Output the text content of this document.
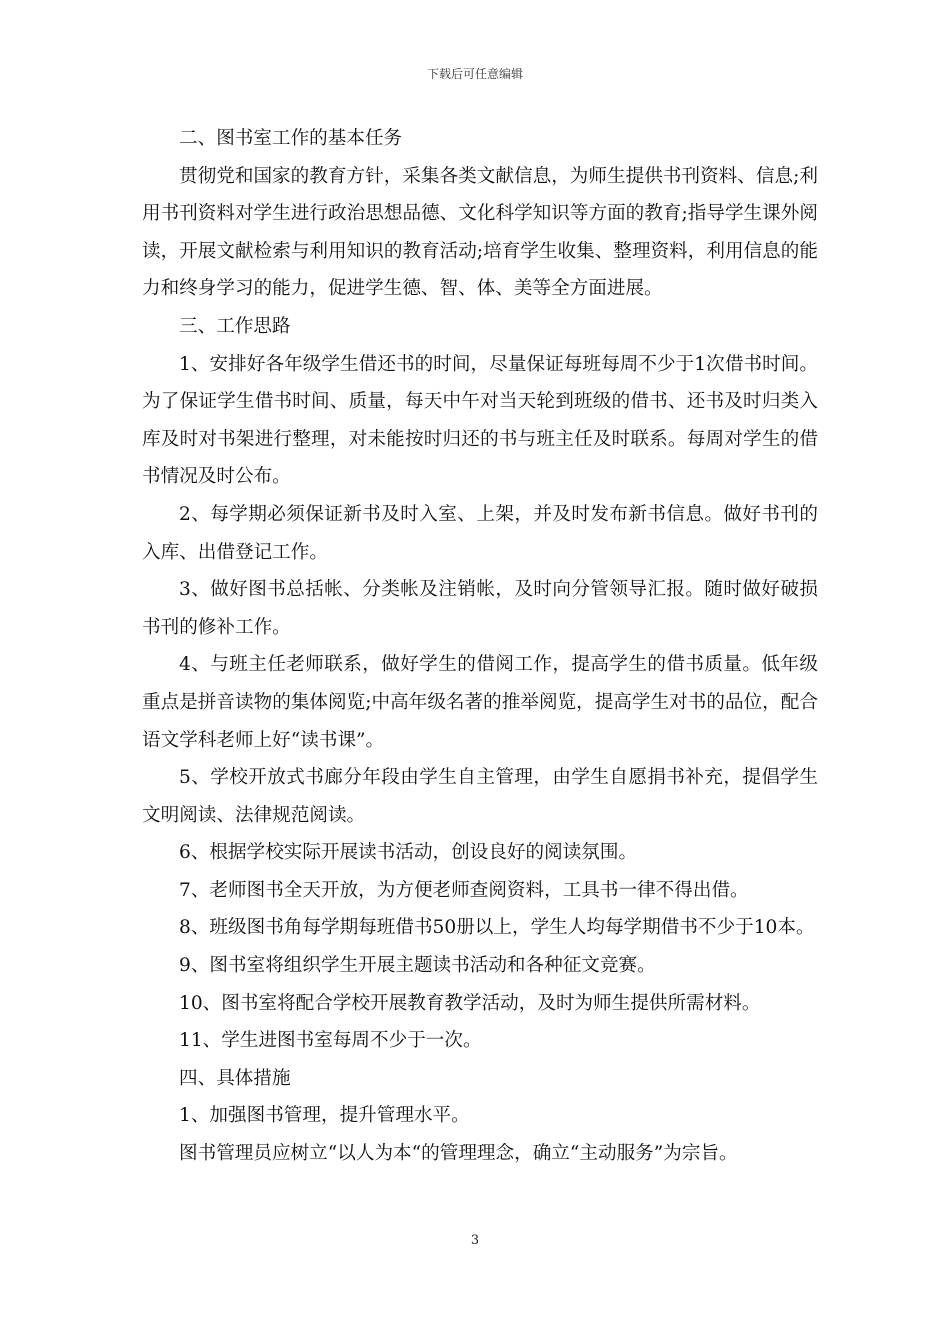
下载后可任意编辑

二、图书室工作的基本任务

贯彻党和国家的教育方针，采集各类文献信息，为师生提供书刊资料、信息;利用书刊资料对学生进行政治思想品德、文化科学知识等方面的教育;指导学生课外阅读，开展文献检索与利用知识的教育活动;培育学生收集、整理资料，利用信息的能力和终身学习的能力，促进学生德、智、体、美等全方面进展。

三、工作思路

1、安排好各年级学生借还书的时间，尽量保证每班每周不少于1次借书时间。为了保证学生借书时间、质量，每天中午对当天轮到班级的借书、还书及时归类入库及时对书架进行整理，对未能按时归还的书与班主任及时联系。每周对学生的借书情况及时公布。

2、每学期必须保证新书及时入室、上架，并及时发布新书信息。做好书刊的入库、出借登记工作。

3、做好图书总括帐、分类帐及注销帐，及时向分管领导汇报。随时做好破损书刊的修补工作。

4、与班主任老师联系，做好学生的借阅工作，提高学生的借书质量。低年级重点是拼音读物的集体阅览;中高年级名著的推举阅览，提高学生对书的品位，配合语文学科老师上好“读书课”。

5、学校开放式书廊分年段由学生自主管理，由学生自愿捐书补充，提倡学生文明阅读、法律规范阅读。

6、根据学校实际开展读书活动，创设良好的阅读氛围。

7、老师图书全天开放，为方便老师查阅资料，工具书一律不得出借。

8、班级图书角每学期每班借书50册以上，学生人均每学期借书不少于10本。

9、图书室将组织学生开展主题读书活动和各种征文竞赛。

10、图书室将配合学校开展教育教学活动，及时为师生提供所需材料。

11、学生进图书室每周不少于一次。

四、具体措施

1、加强图书管理，提升管理水平。

图书管理员应树立“以人为本“的管理理念，确立“主动服务”为宗旨。

3
